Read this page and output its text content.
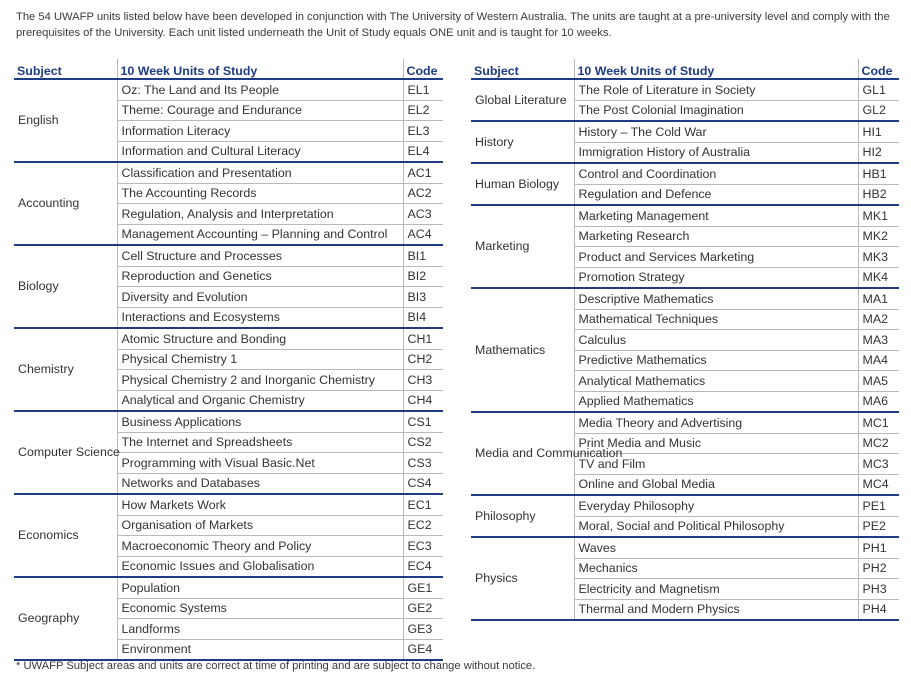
The 54 UWAFP units listed below have been developed in conjunction with The University of Western Australia. The units are taught at a pre-university level and comply with the prerequisites of the University. Each unit listed underneath the Unit of Study equals ONE unit and is taught for 10 weeks.
Subject	10 Week Units of Study	Code
English	Oz: The Land and Its People	EL1
	Theme: Courage and Endurance	EL2
	Information Literacy	EL3
	Information and Cultural Literacy	EL4
Accounting	Classification and Presentation	AC1
	The Accounting Records	AC2
	Regulation, Analysis and Interpretation	AC3
	Management Accounting – Planning and Control	AC4
Biology	Cell Structure and Processes	BI1
	Reproduction and Genetics	BI2
	Diversity and Evolution	BI3
	Interactions and Ecosystems	BI4
Chemistry	Atomic Structure and Bonding	CH1
	Physical Chemistry 1	CH2
	Physical Chemistry 2 and Inorganic Chemistry	CH3
	Analytical and Organic Chemistry	CH4
Computer Science	Business Applications	CS1
	The Internet and Spreadsheets	CS2
	Programming with Visual Basic.Net	CS3
	Networks and Databases	CS4
Economics	How Markets Work	EC1
	Organisation of Markets	EC2
	Macroeconomic Theory and Policy	EC3
	Economic Issues and Globalisation	EC4
Geography	Population	GE1
	Economic Systems	GE2
	Landforms	GE3
	Environment	GE4
Subject	10 Week Units of Study	Code
Global Literature	The Role of Literature in Society	GL1
	The Post Colonial Imagination	GL2
History	History – The Cold War	HI1
	Immigration History of Australia	HI2
Human Biology	Control and Coordination	HB1
	Regulation and Defence	HB2
Marketing	Marketing Management	MK1
	Marketing Research	MK2
	Product and Services Marketing	MK3
	Promotion Strategy	MK4
Mathematics	Descriptive Mathematics	MA1
	Mathematical Techniques	MA2
	Calculus	MA3
	Predictive Mathematics	MA4
	Analytical Mathematics	MA5
	Applied Mathematics	MA6
Media and Communication	Media Theory and Advertising	MC1
	Print Media and Music	MC2
	TV and Film	MC3
	Online and Global Media	MC4
Philosophy	Everyday Philosophy	PE1
	Moral, Social and Political Philosophy	PE2
Physics	Waves	PH1
	Mechanics	PH2
	Electricity and Magnetism	PH3
	Thermal and Modern Physics	PH4
* UWAFP Subject areas and units are correct at time of printing and are subject to change without notice.
